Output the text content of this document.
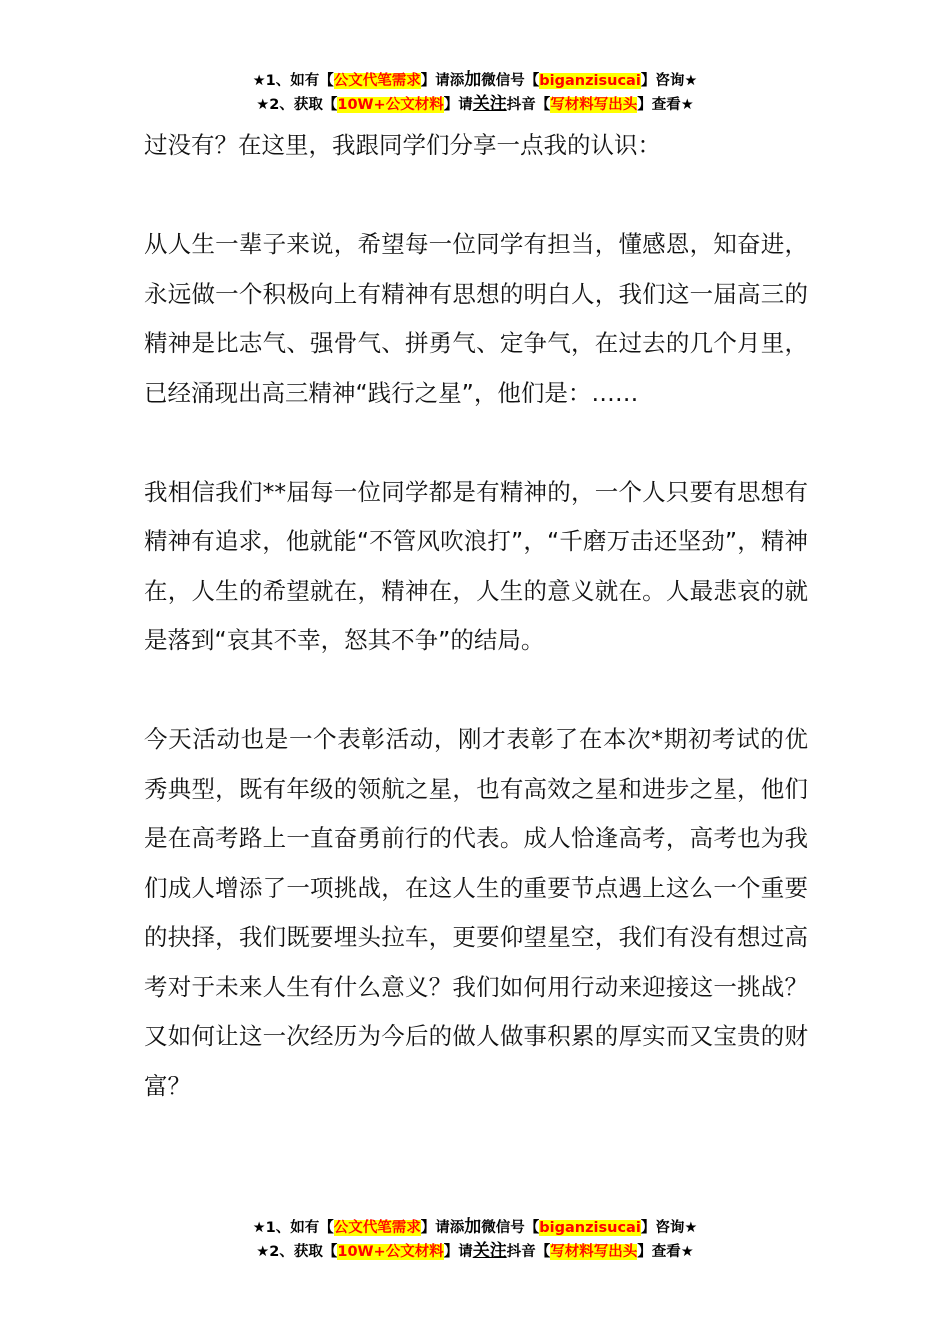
★1、如有【公文代笔需求】请添加微信号【biganzisucai】咨询★
★2、获取【10W+公文材料】请关注抖音【写材料写出头】查看★

过没有？在这里，我跟同学们分享一点我的认识：

从人生一辈子来说，希望每一位同学有担当，懂感恩，知奋进，永远做一个积极向上有精神有思想的明白人，我们这一届高三的精神是比志气、强骨气、拼勇气、定争气，在过去的几个月里，已经涌现出高三精神“践行之星”，他们是：……

我相信我们**届每一位同学都是有精神的，一个人只要有思想有精神有追求，他就能“不管风吹浪打”，“千磨万击还坚劲”，精神在，人生的希望就在，精神在，人生的意义就在。人最悲哀的就是落到“哀其不幸，怒其不争”的结局。

今天活动也是一个表彰活动，刚才表彰了在本次*期初考试的优秀典型，既有年级的领航之星，也有高效之星和进步之星，他们是在高考路上一直奋勇前行的代表。成人恰逢高考，高考也为我们成人增添了一项挑战，在这人生的重要节点遇上这么一个重要的抉择，我们既要埋头拉车，更要仰望星空，我们有没有想过高考对于未来人生有什么意义？我们如何用行动来迎接这一挑战？又如何让这一次经历为今后的做人做事积累的厚实而又宝贵的财富？

★1、如有【公文代笔需求】请添加微信号【biganzisucai】咨询★
★2、获取【10W+公文材料】请关注抖音【写材料写出头】查看★
